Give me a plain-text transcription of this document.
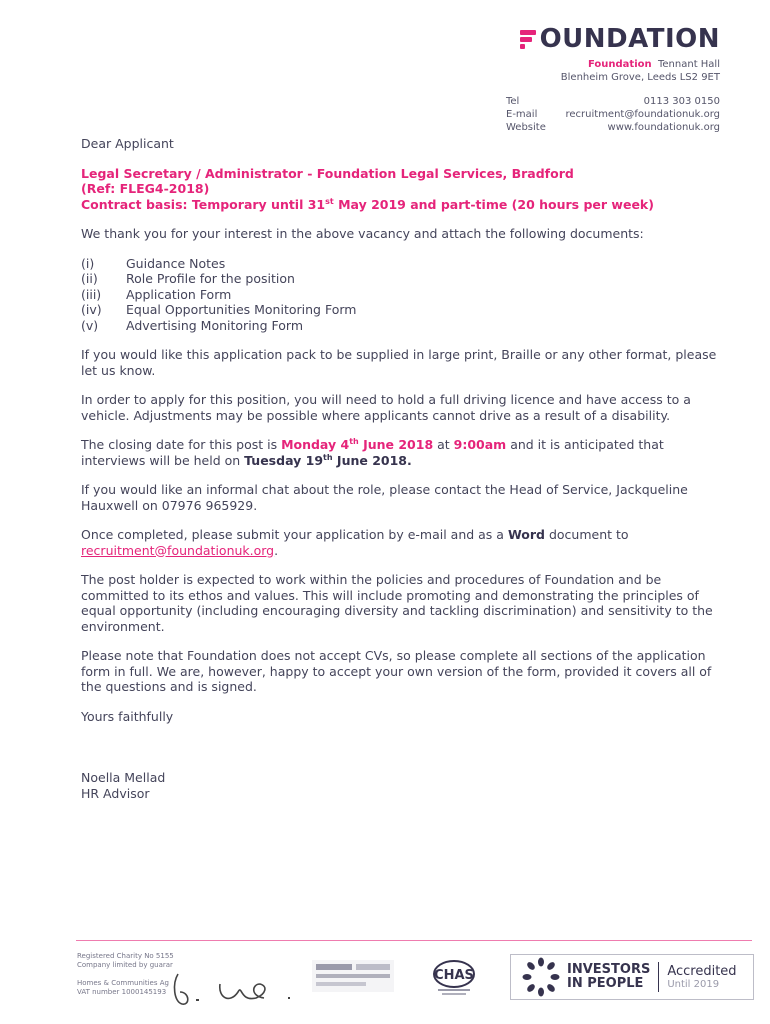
OUNDATION
Foundation Tennant Hall
Blenheim Grove, Leeds LS2 9ET
Tel	0113 303 0150
E-mail	recruitment@foundationuk.org
Website	www.foundationuk.org

Dear Applicant

Legal Secretary / Administrator - Foundation Legal Services, Bradford
(Ref: FLEG4-2018)
Contract basis: Temporary until 31st May 2019 and part-time (20 hours per week)

We thank you for your interest in the above vacancy and attach the following documents:

(i)	Guidance Notes
(ii)	Role Profile for the position
(iii)	Application Form
(iv)	Equal Opportunities Monitoring Form
(v)	Advertising Monitoring Form

If you would like this application pack to be supplied in large print, Braille or any other format, please let us know.

In order to apply for this position, you will need to hold a full driving licence and have access to a vehicle. Adjustments may be possible where applicants cannot drive as a result of a disability.

The closing date for this post is Monday 4th June 2018 at 9:00am and it is anticipated that interviews will be held on Tuesday 19th June 2018.

If you would like an informal chat about the role, please contact the Head of Service, Jackqueline Hauxwell on 07976 965929.

Once completed, please submit your application by e-mail and as a Word document to
recruitment@foundationuk.org.

The post holder is expected to work within the policies and procedures of Foundation and be committed to its ethos and values. This will include promoting and demonstrating the principles of equal opportunity (including encouraging diversity and tackling discrimination) and sensitivity to the environment.

Please note that Foundation does not accept CVs, so please complete all sections of the application form in full. We are, however, happy to accept your own version of the form, provided it covers all of the questions and is signed.

Yours faithfully

Noella Mellad
HR Advisor
Registered Charity No 5155
Company limited by guarar
Homes & Communities Ag
VAT number 1000145193
CHAS	INVESTORS
IN PEOPLE
Accredited
Until 2019
